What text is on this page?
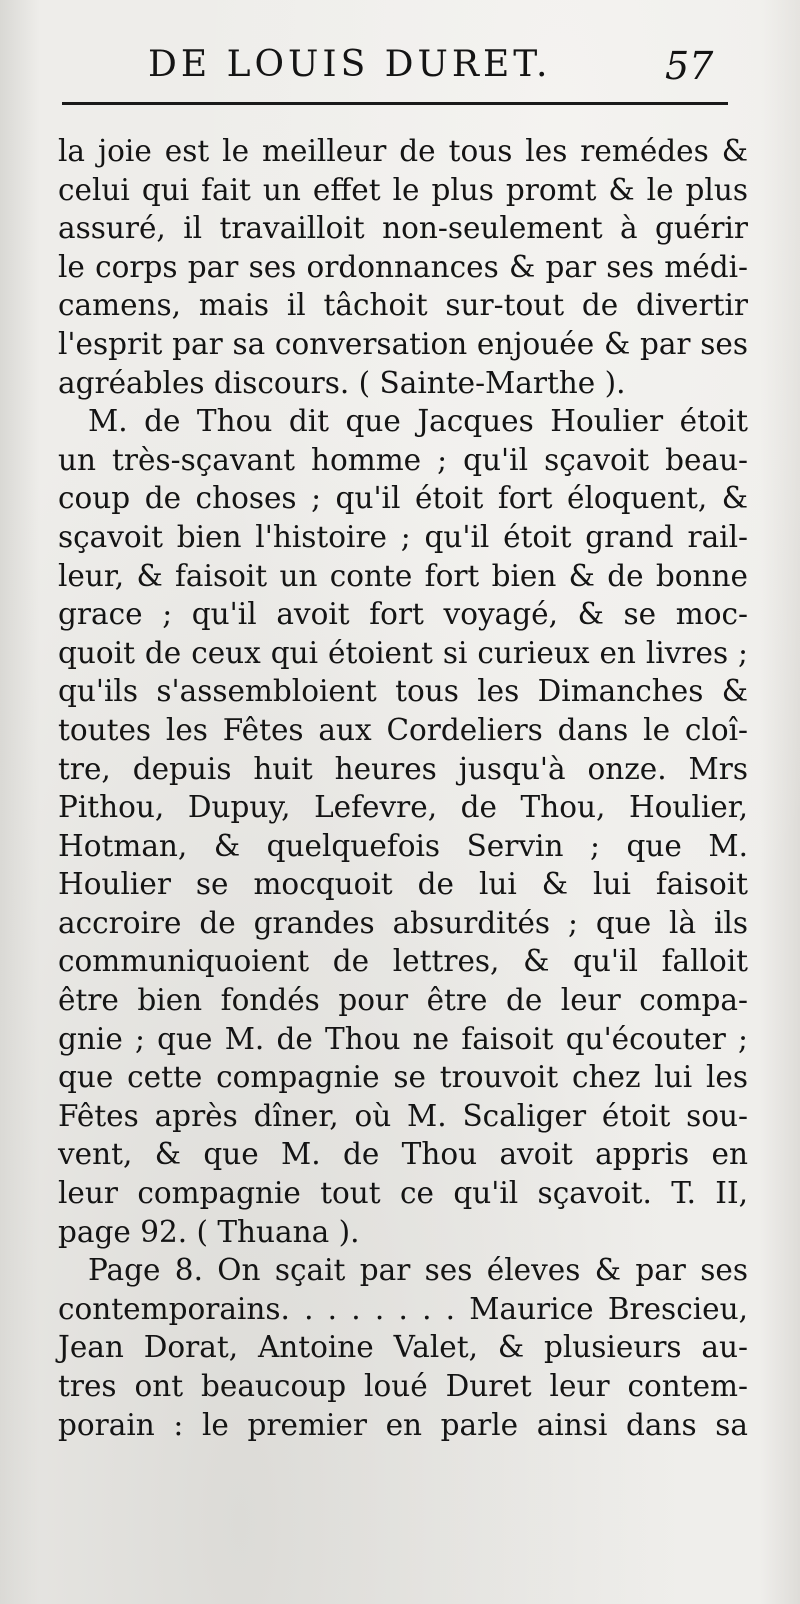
DE LOUIS DURET.	57
la joie est le meilleur de tous les remédes &
celui qui fait un effet le plus promt & le plus
assuré, il travailloit non-seulement à guérir
le corps par ses ordonnances & par ses médi-
camens, mais il tâchoit sur-tout de divertir
l'esprit par sa conversation enjouée & par ses
agréables discours. ( Sainte-Marthe ).
M. de Thou dit que Jacques Houlier étoit
un très-sçavant homme ; qu'il sçavoit beau-
coup de choses ; qu'il étoit fort éloquent, &
sçavoit bien l'histoire ; qu'il étoit grand rail-
leur, & faisoit un conte fort bien & de bonne
grace ; qu'il avoit fort voyagé, & se moc-
quoit de ceux qui étoient si curieux en livres ;
qu'ils s'assembloient tous les Dimanches &
toutes les Fêtes aux Cordeliers dans le cloî-
tre, depuis huit heures jusqu'à onze. Mrs
Pithou, Dupuy, Lefevre, de Thou, Houlier,
Hotman, & quelquefois Servin ; que M.
Houlier se mocquoit de lui & lui faisoit
accroire de grandes absurdités ; que là ils
communiquoient de lettres, & qu'il falloit
être bien fondés pour être de leur compa-
gnie ; que M. de Thou ne faisoit qu'écouter ;
que cette compagnie se trouvoit chez lui les
Fêtes après dîner, où M. Scaliger étoit sou-
vent, & que M. de Thou avoit appris en
leur compagnie tout ce qu'il sçavoit. T. II,
page 92. ( Thuana ).
Page 8. On sçait par ses éleves & par ses
contemporains. . . . . . . . Maurice Brescieu,
Jean Dorat, Antoine Valet, & plusieurs au-
tres ont beaucoup loué Duret leur contem-
porain : le premier en parle ainsi dans sa
